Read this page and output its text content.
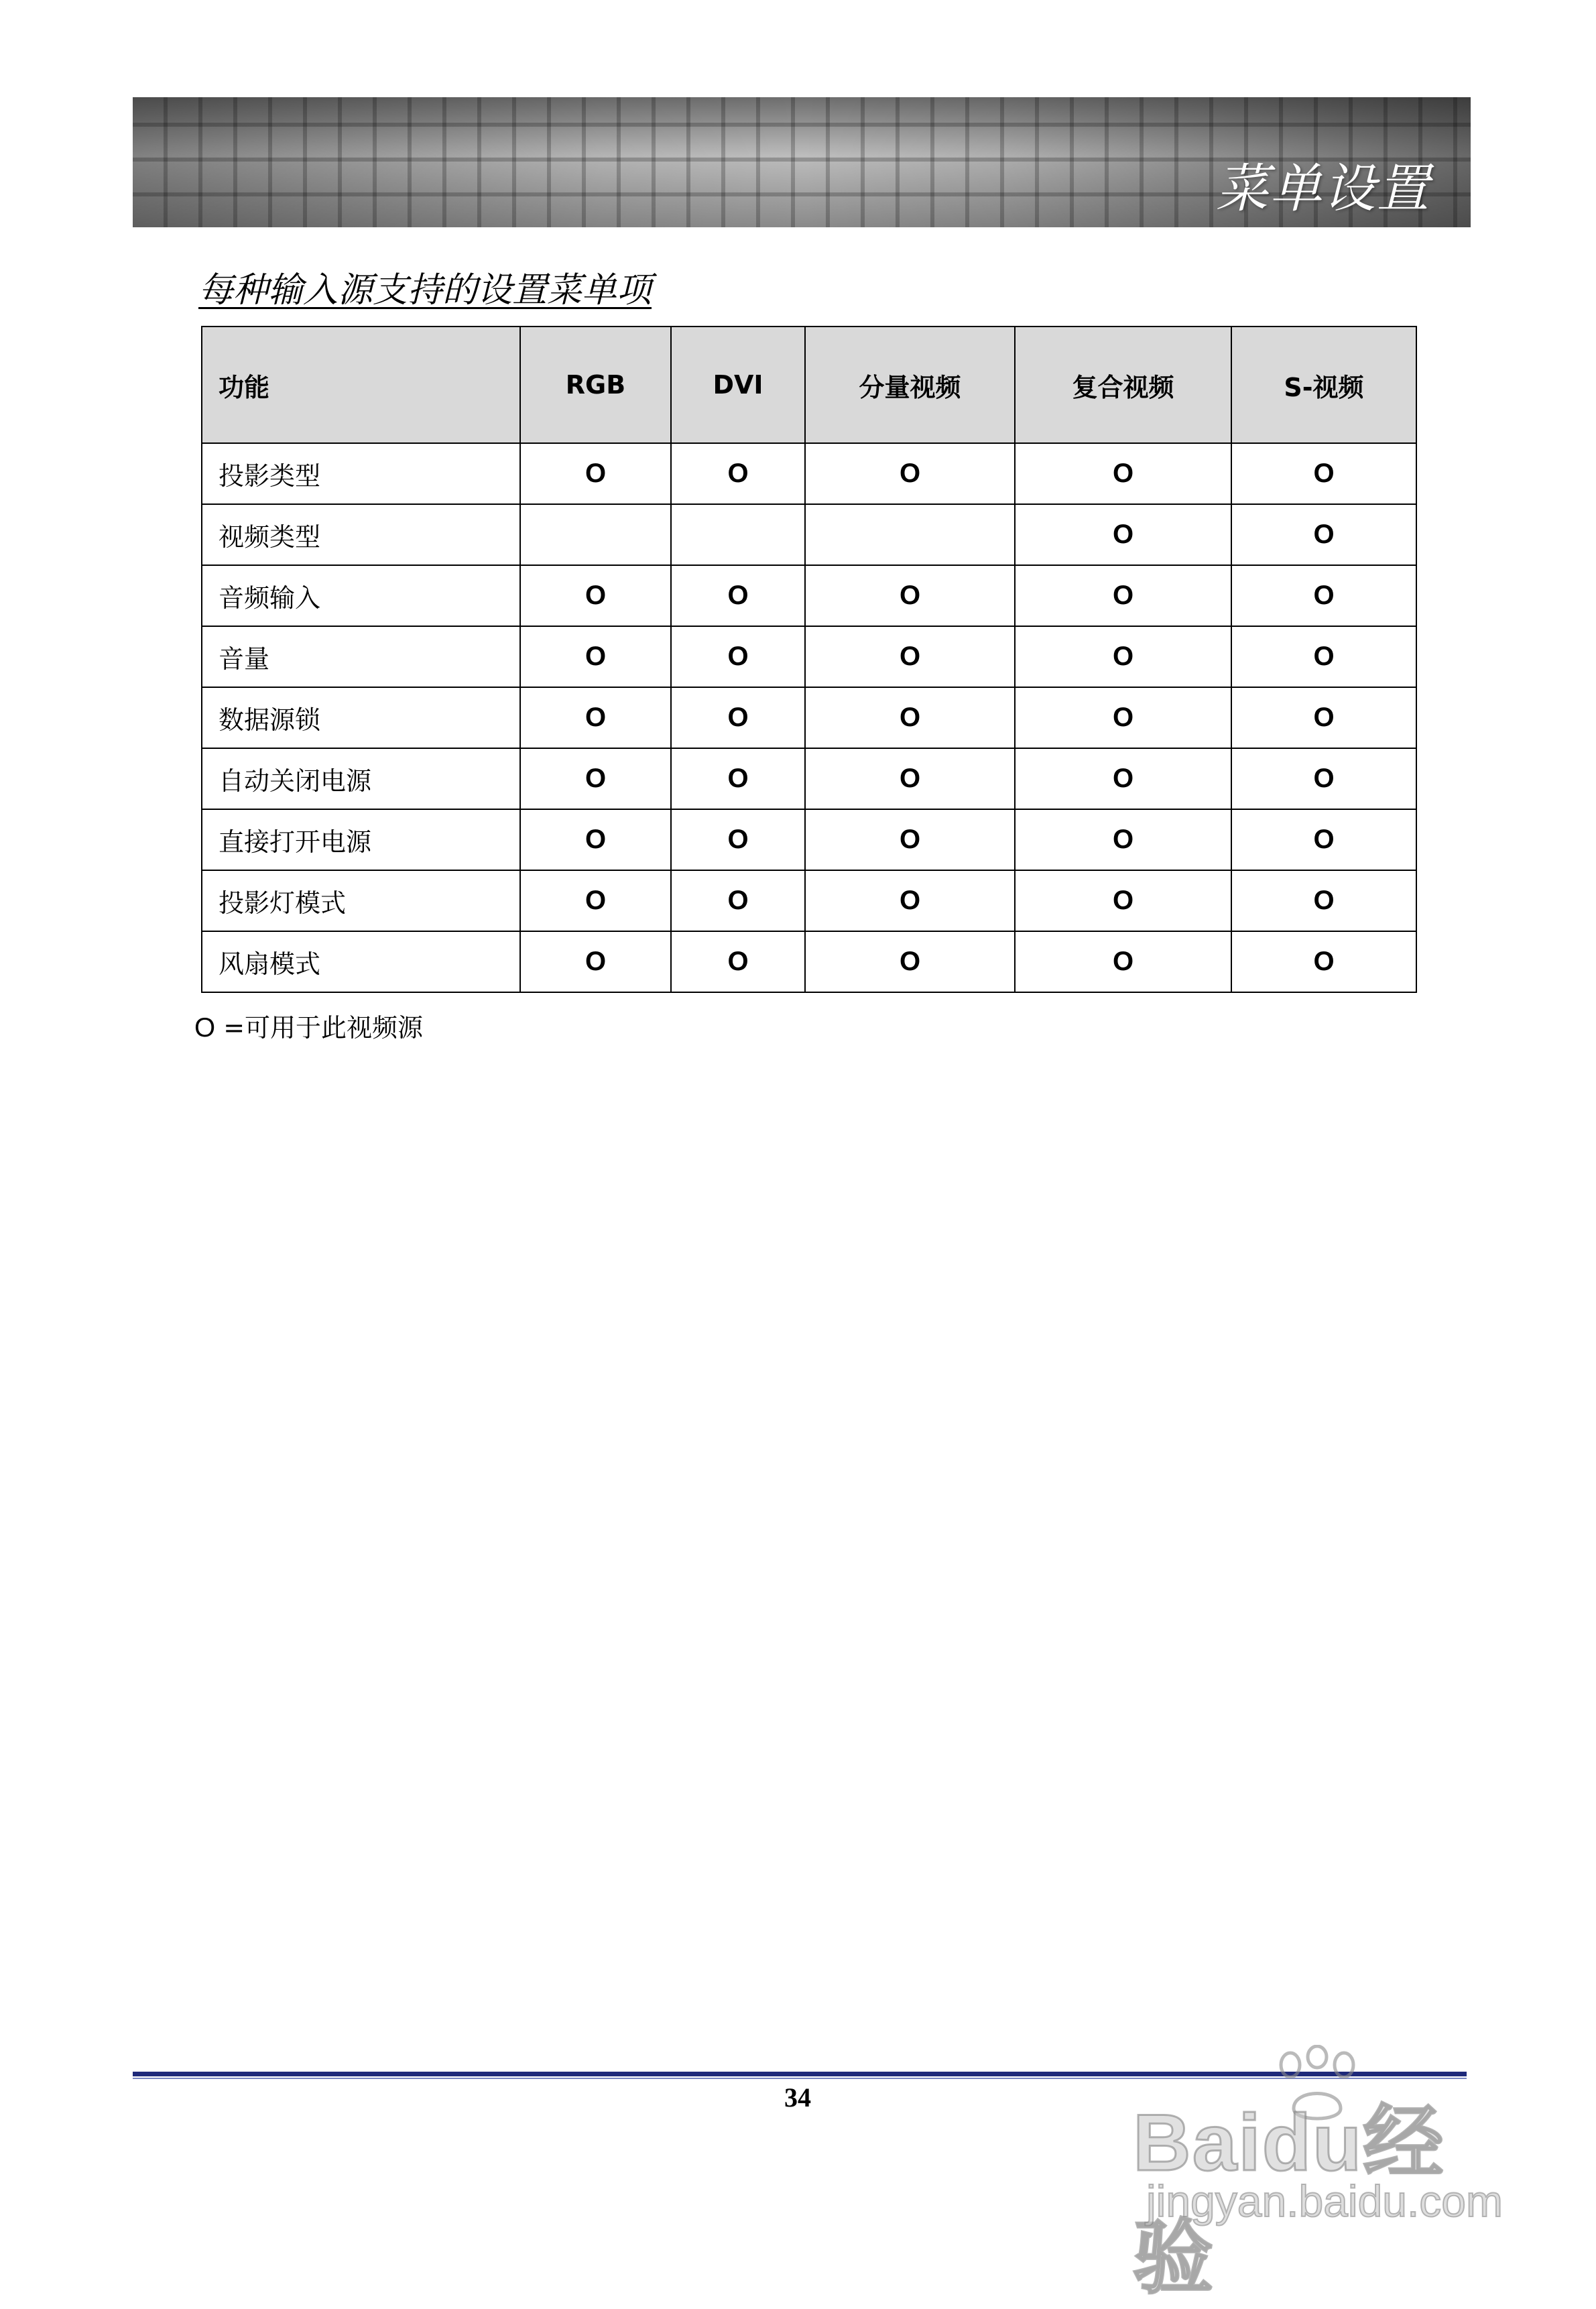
菜单设置
每种输入源支持的设置菜单项
功能	RGB	DVI	分量视频	复合视频	S-视频
投影类型	O	O	O	O	O
视频类型				O	O
音频输入	O	O	O	O	O
音量	O	O	O	O	O
数据源锁	O	O	O	O	O
自动关闭电源	O	O	O	O	O
直接打开电源	O	O	O	O	O
投影灯模式	O	O	O	O	O
风扇模式	O	O	O	O	O
O =可用于此视频源
34
Baidu经验
jingyan.baidu.com
